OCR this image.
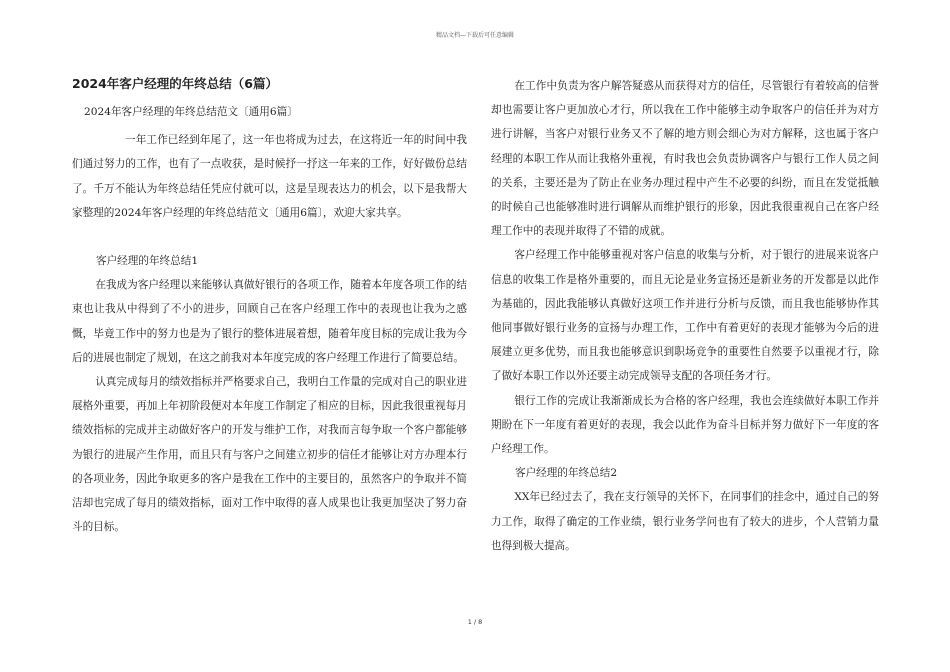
精品文档—下载后可任意编辑
2024年客户经理的年终总结（6篇）

2024年客户经理的年终总结范文〔通用6篇〕

一年工作已经到年尾了，这一年也将成为过去，在这将近一年的时间中我们通过努力的工作，也有了一点收获，是时候抒一抒这一年来的工作，好好做份总结了。千万不能认为年终总结任凭应付就可以，这是呈现表达力的机会，以下是我帮大家整理的2024年客户经理的年终总结范文〔通用6篇〕，欢迎大家共享。

客户经理的年终总结1

在我成为客户经理以来能够认真做好银行的各项工作，随着本年度各项工作的结束也让我从中得到了不小的进步，回顾自己在客户经理工作中的表现也让我为之感慨，毕竟工作中的努力也是为了银行的整体进展着想，随着年度目标的完成让我为今后的进展也制定了规划，在这之前我对本年度完成的客户经理工作进行了简要总结。

认真完成每月的绩效指标并严格要求自己，我明白工作量的完成对自己的职业进展格外重要，再加上年初阶段便对本年度工作制定了相应的目标，因此我很重视每月绩效指标的完成并主动做好客户的开发与维护工作，对我而言每争取一个客户都能够为银行的进展产生作用，而且只有与客户之间建立初步的信任才能够让对方办理本行的各项业务，因此争取更多的客户是我在工作中的主要目的，虽然客户的争取并不简洁却也完成了每月的绩效指标，面对工作中取得的喜人成果也让我更加坚决了努力奋斗的目标。

在工作中负责为客户解答疑惑从而获得对方的信任，尽管银行有着较高的信誉却也需要让客户更加放心才行，所以我在工作中能够主动争取客户的信任并为对方进行讲解，当客户对银行业务又不了解的地方则会细心为对方解释，这也属于客户经理的本职工作从而让我格外重视，有时我也会负责协调客户与银行工作人员之间的关系，主要还是为了防止在业务办理过程中产生不必要的纠纷，而且在发觉抵触的时候自己也能够准时进行调解从而维护银行的形象，因此我很重视自己在客户经理工作中的表现并取得了不错的成就。

客户经理工作中能够重视对客户信息的收集与分析，对于银行的进展来说客户信息的收集工作是格外重要的，而且无论是业务宣扬还是新业务的开发都是以此作为基础的，因此我能够认真做好这项工作并进行分析与反馈，而且我也能够协作其他同事做好银行业务的宣扬与办理工作，工作中有着更好的表现才能够为今后的进展建立更多优势，而且我也能够意识到职场竞争的重要性自然要予以重视才行，除了做好本职工作以外还要主动完成领导支配的各项任务才行。

银行工作的完成让我渐渐成长为合格的客户经理，我也会连续做好本职工作并期盼在下一年度有着更好的表现，我会以此作为奋斗目标并努力做好下一年度的客户经理工作。

客户经理的年终总结2

XX年已经过去了，我在支行领导的关怀下，在同事们的挂念中，通过自己的努力工作，取得了确定的工作业绩，银行业务学问也有了较大的进步，个人营销力量也得到极大提高。

1 / 8
